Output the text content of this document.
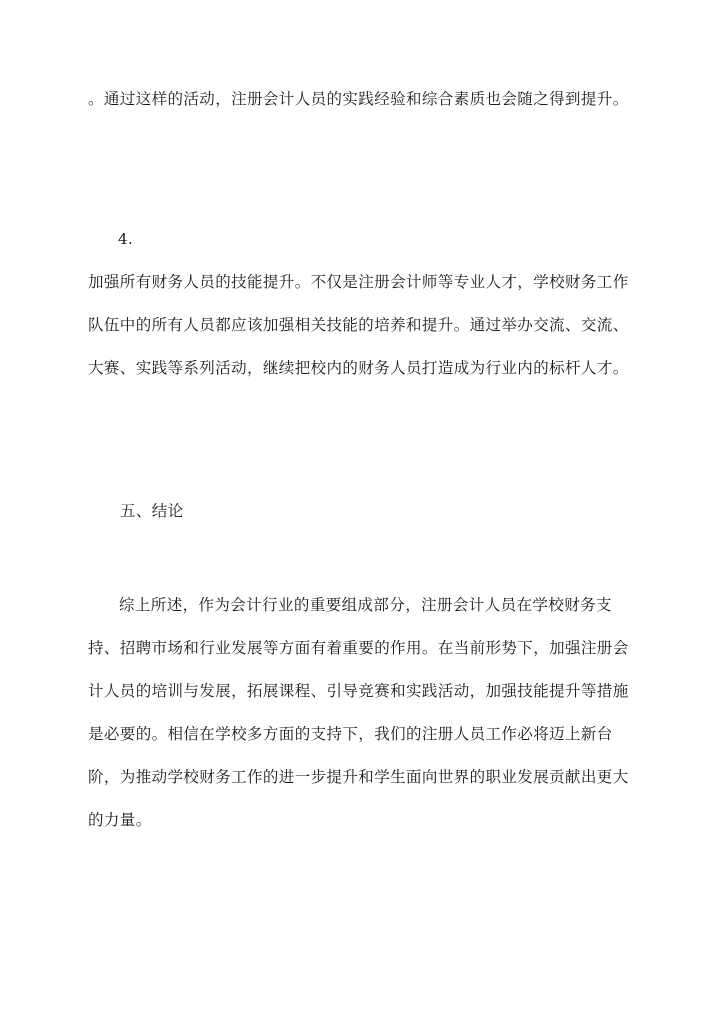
。通过这样的活动，注册会计人员的实践经验和综合素质也会随之得到提升。

4.

加强所有财务人员的技能提升。不仅是注册会计师等专业人才，学校财务工作队伍中的所有人员都应该加强相关技能的培养和提升。通过举办交流、交流、大赛、实践等系列活动，继续把校内的财务人员打造成为行业内的标杆人才。

五、结论

综上所述，作为会计行业的重要组成部分，注册会计人员在学校财务支持、招聘市场和行业发展等方面有着重要的作用。在当前形势下，加强注册会计人员的培训与发展，拓展课程、引导竞赛和实践活动，加强技能提升等措施是必要的。相信在学校多方面的支持下，我们的注册人员工作必将迈上新台阶，为推动学校财务工作的进一步提升和学生面向世界的职业发展贡献出更大的力量。
